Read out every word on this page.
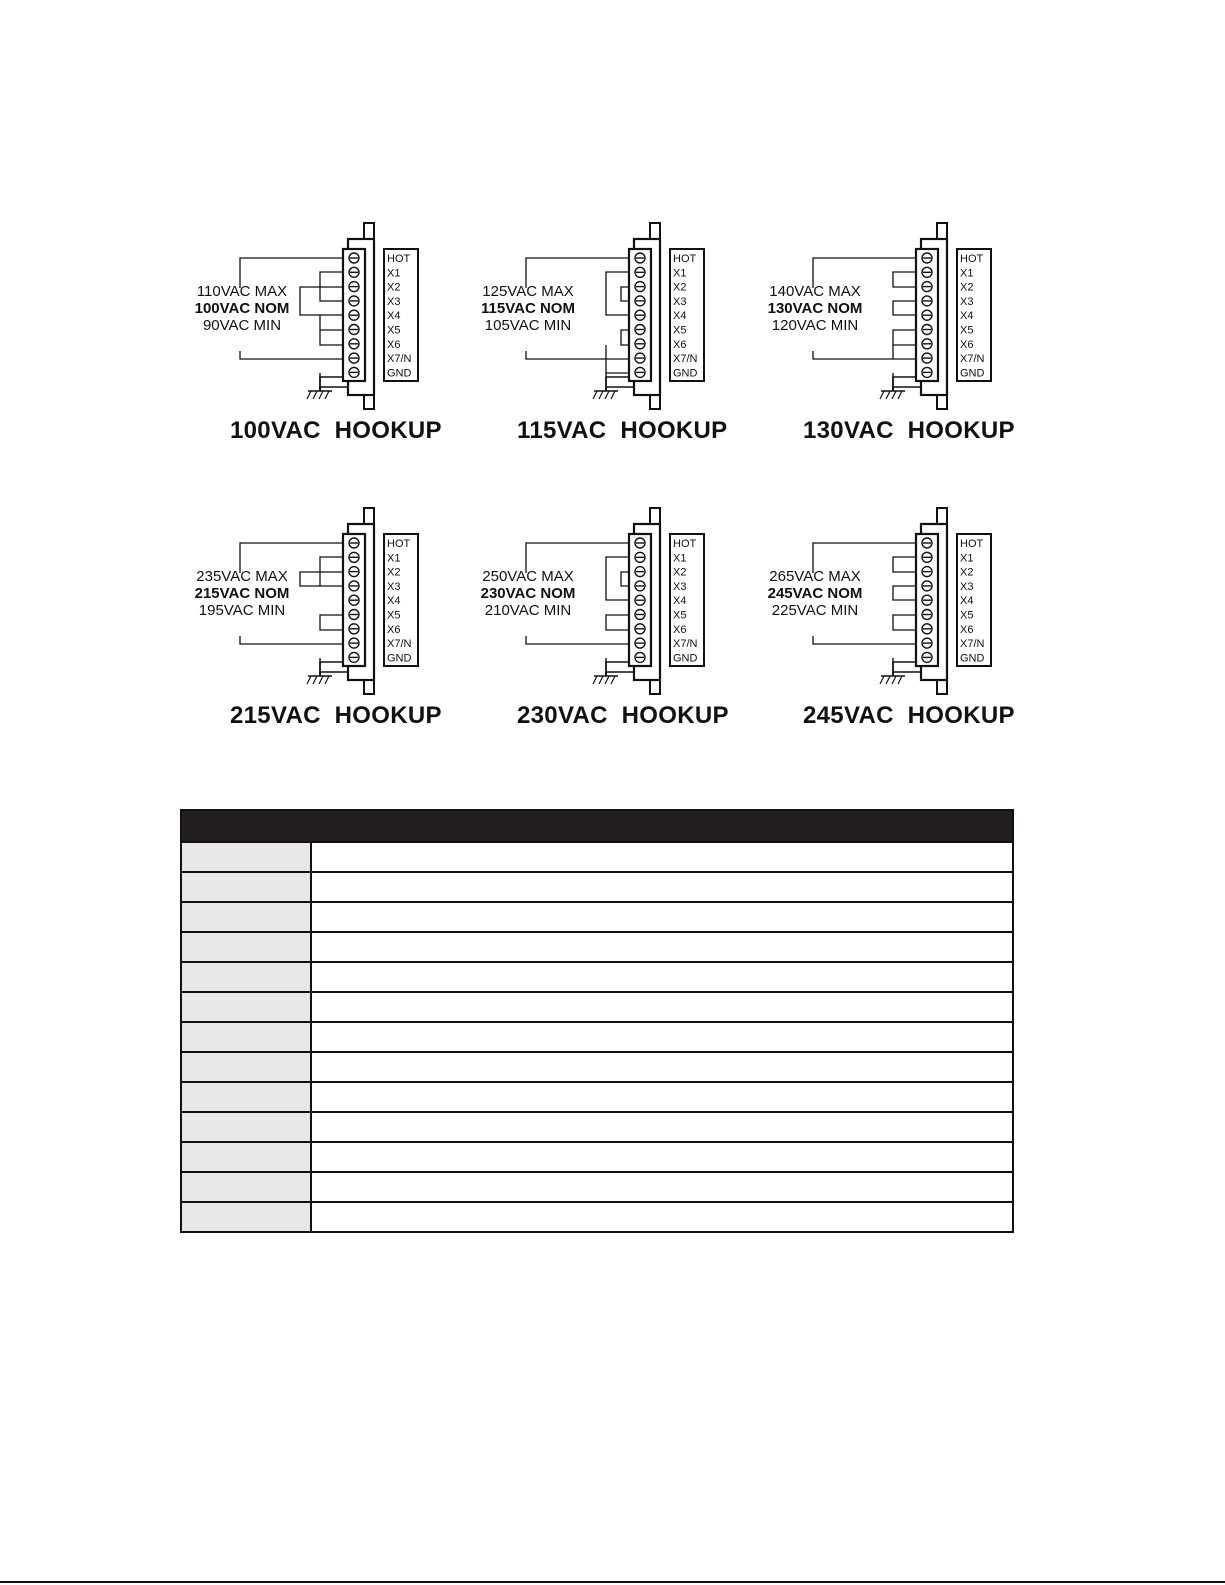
HOT
X1
X2
X3
X4
X5
X6
X7/N
GND
110VAC MAX
100VAC NOM
90VAC MIN
100VAC  HOOKUP
HOT
X1
X2
X3
X4
X5
X6
X7/N
GND
125VAC MAX
115VAC NOM
105VAC MIN
115VAC  HOOKUP
HOT
X1
X2
X3
X4
X5
X6
X7/N
GND
140VAC MAX
130VAC NOM
120VAC MIN
130VAC  HOOKUP
HOT
X1
X2
X3
X4
X5
X6
X7/N
GND
235VAC MAX
215VAC NOM
195VAC MIN
215VAC  HOOKUP
HOT
X1
X2
X3
X4
X5
X6
X7/N
GND
250VAC MAX
230VAC NOM
210VAC MIN
230VAC  HOOKUP
HOT
X1
X2
X3
X4
X5
X6
X7/N
GND
265VAC MAX
245VAC NOM
225VAC MIN
245VAC  HOOKUP
